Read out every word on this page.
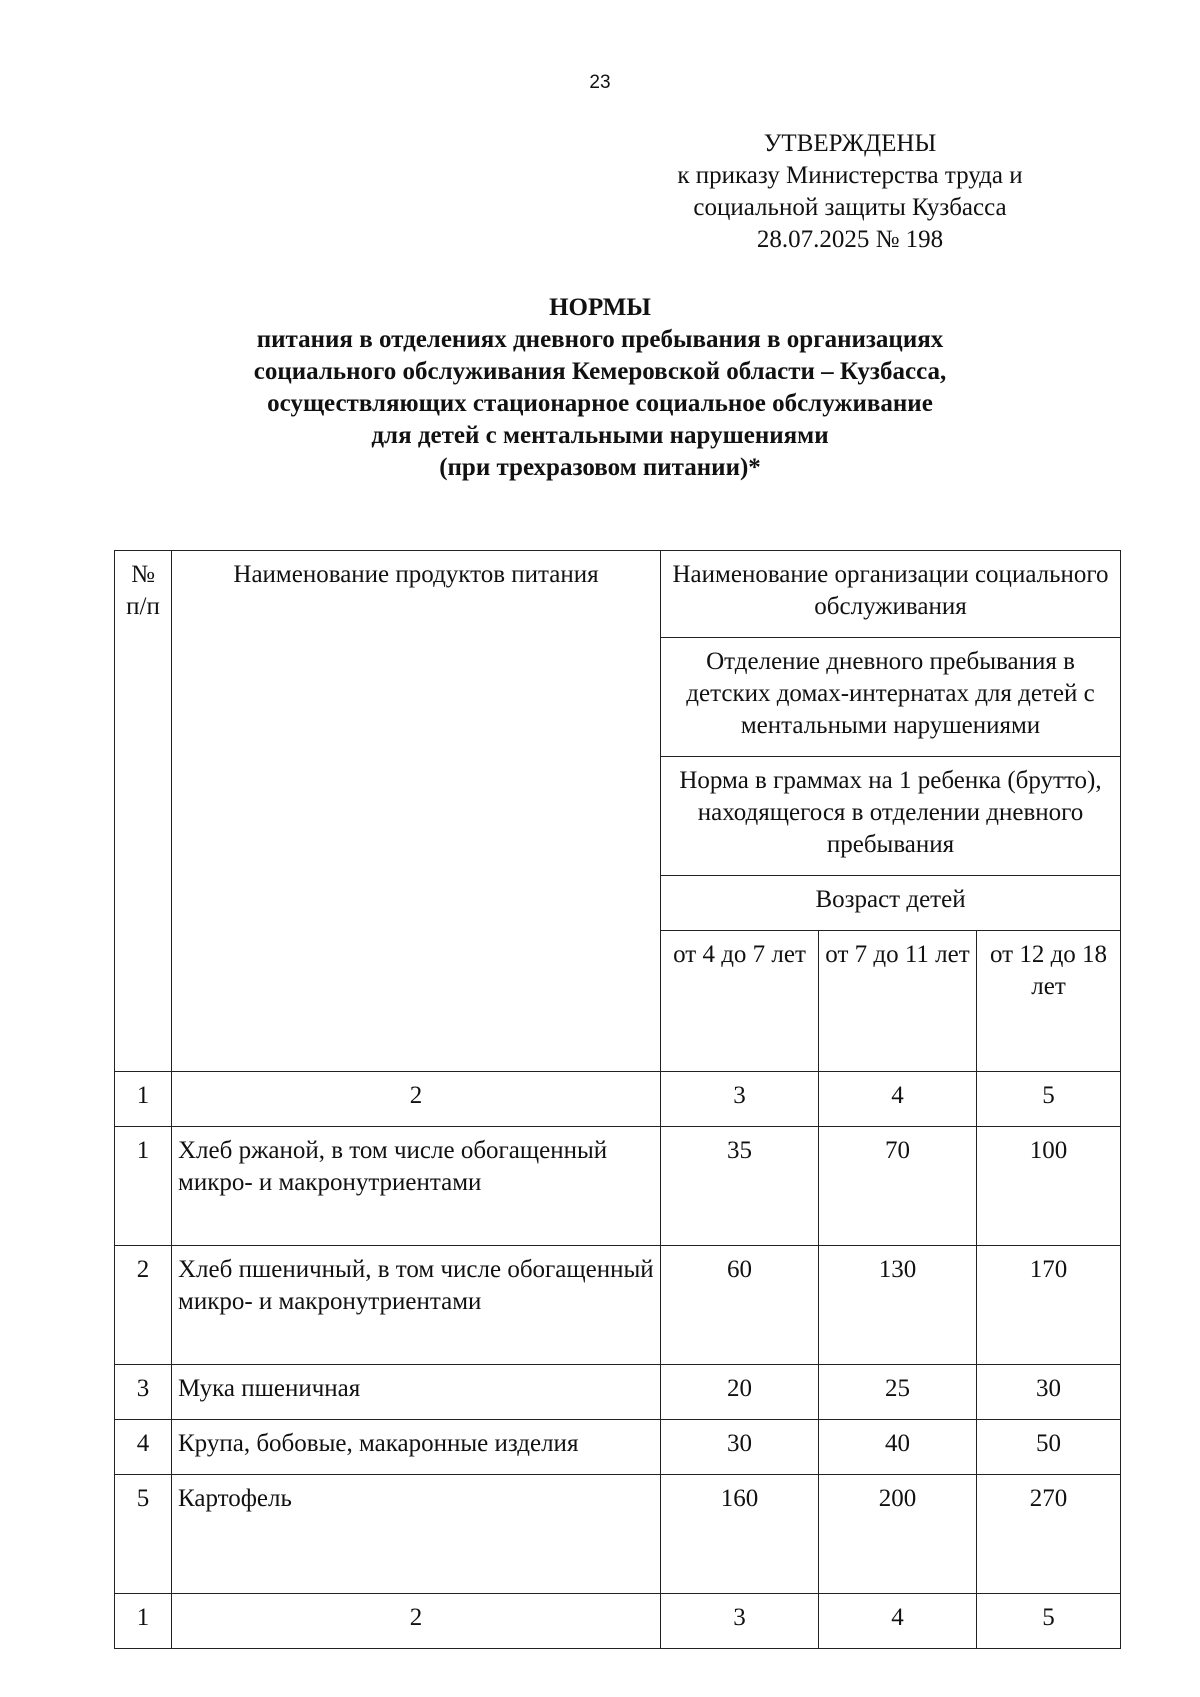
23
УТВЕРЖДЕНЫ
к приказу Министерства труда и
социальной защиты Кузбасса
28.07.2025 № 198
НОРМЫ
питания в отделениях дневного пребывания в организациях
социального обслуживания Кемеровской области – Кузбасса,
осуществляющих стационарное социальное обслуживание
для детей с ментальными нарушениями
(при трехразовом питании)*
№ п/п	Наименование продуктов питания	Наименование организации социального обслуживания		
		Отделение дневного пребывания в детских домах-интернатах для детей с ментальными нарушениями		
		Норма в граммах на 1 ребенка (брутто), находящегося в отделении дневного пребывания		
		Возраст детей		
		от 4 до 7 лет	от 7 до 11 лет	от 12 до 18 лет
1	2	3	4	5
1	Хлеб ржаной, в том числе обогащенный микро- и макронутриентами	35	70	100
2	Хлеб пшеничный, в том числе обогащенный микро- и макронутриентами	60	130	170
3	Мука пшеничная	20	25	30
4	Крупа, бобовые, макаронные изделия	30	40	50
5	Картофель	160	200	270
1	2	3	4	5
